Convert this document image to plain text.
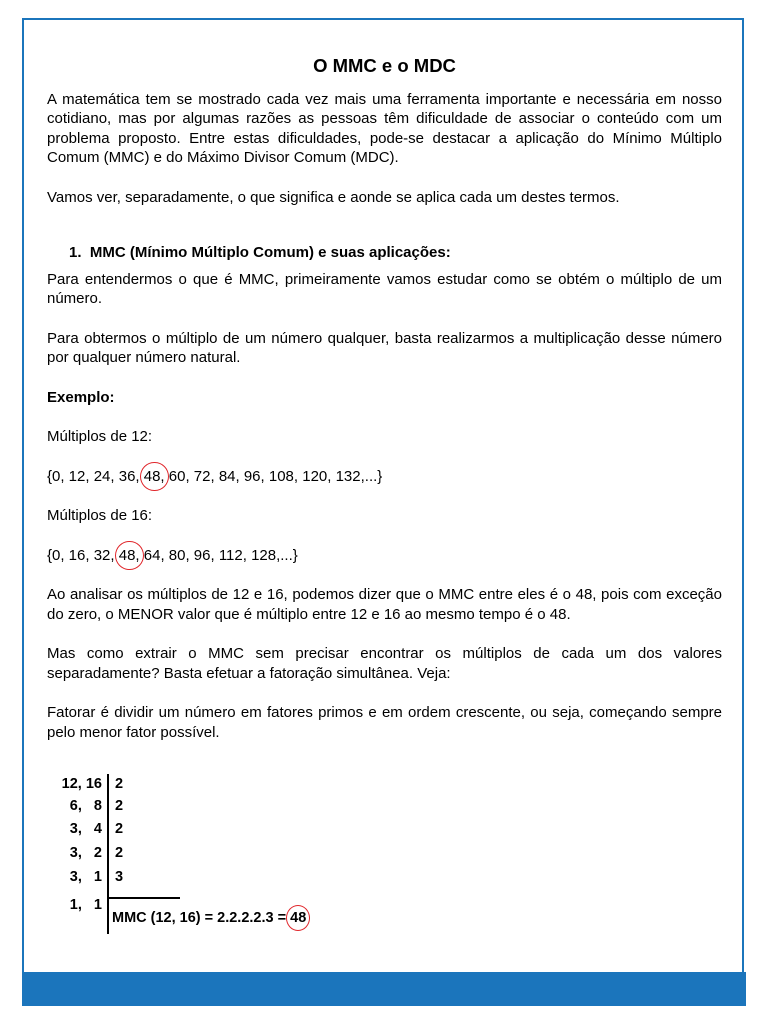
O MMC e o MDC

A matemática tem se mostrado cada vez mais uma ferramenta importante e necessária em nosso cotidiano, mas por algumas razões as pessoas têm dificuldade de associar o conteúdo com um problema proposto. Entre estas dificuldades, pode-se destacar a aplicação do Mínimo Múltiplo Comum (MMC) e do Máximo Divisor Comum (MDC).

Vamos ver, separadamente, o que significa e aonde se aplica cada um destes termos.

1.  MMC (Mínimo Múltiplo Comum) e suas aplicações:

Para entendermos o que é MMC, primeiramente vamos estudar como se obtém o múltiplo de um número.

Para obtermos o múltiplo de um número qualquer, basta realizarmos a multiplicação desse número por qualquer número natural.

Exemplo:

Múltiplos de 12:

{0, 12, 24, 36, 48, 60, 72, 84, 96, 108, 120, 132,...}

Múltiplos de 16:

{0, 16, 32, 48, 64, 80, 96, 112, 128,...}

Ao analisar os múltiplos de 12 e 16, podemos dizer que o MMC entre eles é o 48, pois com exceção do zero, o MENOR valor que é múltiplo entre 12 e 16 ao mesmo tempo é o 48.

Mas como extrair o MMC sem precisar encontrar os múltiplos de cada um dos valores separadamente? Basta efetuar a fatoração simultânea. Veja:

Fatorar é dividir um número em fatores primos e em ordem crescente, ou seja, começando sempre pelo menor fator possível.

12, 16 2
6,   8 2
3,   4 2
3,   2 2
3,   1 3
1,   1
MMC (12, 16) = 2.2.2.2.3 = 48
